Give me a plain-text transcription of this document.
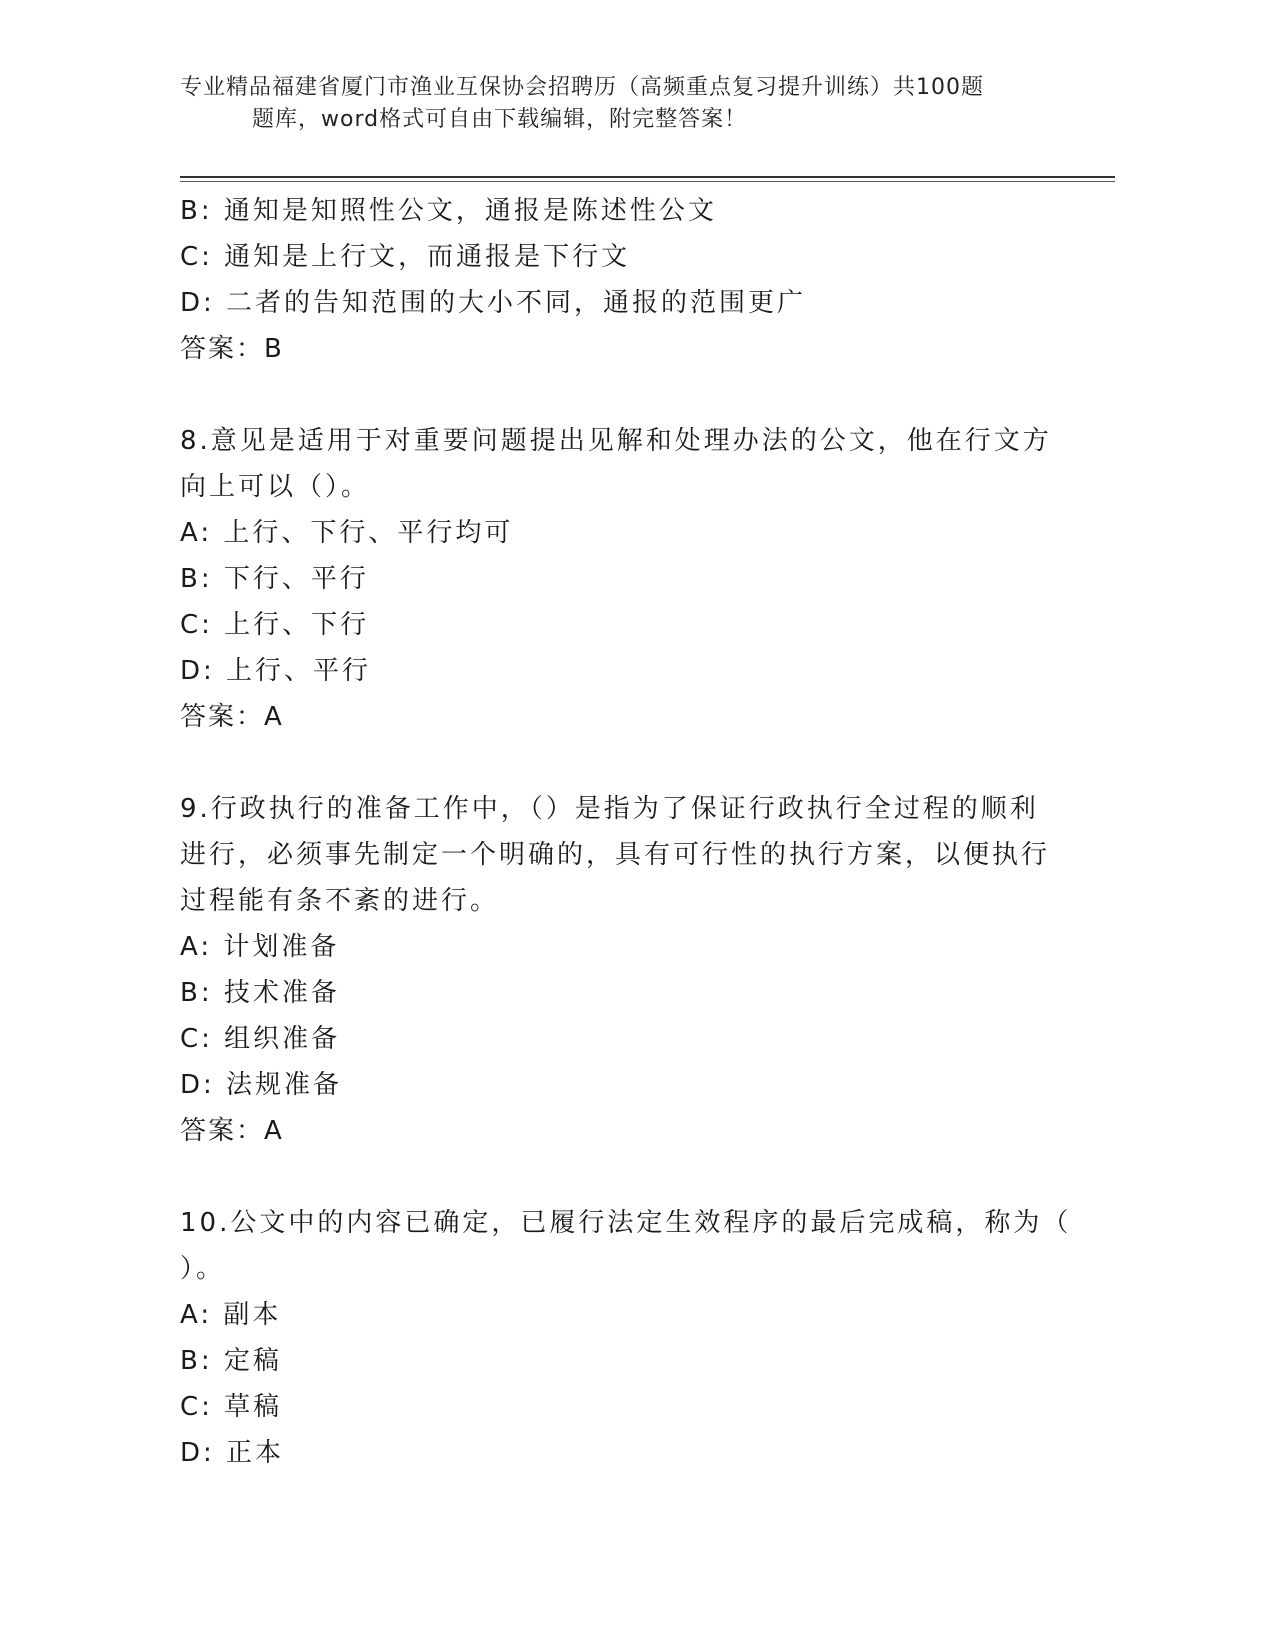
专业精品福建省厦门市渔业互保协会招聘历（高频重点复习提升训练）共100题
题库，word格式可自由下载编辑，附完整答案！
B: 通知是知照性公文，通报是陈述性公文
C: 通知是上行文，而通报是下行文
D: 二者的告知范围的大小不同，通报的范围更广
答案：B
8.意见是适用于对重要问题提出见解和处理办法的公文，他在行文方
向上可以（）。
A: 上行、下行、平行均可
B: 下行、平行
C: 上行、下行
D: 上行、平行
答案：A
9.行政执行的准备工作中，（）是指为了保证行政执行全过程的顺利
进行，必须事先制定一个明确的，具有可行性的执行方案，以便执行
过程能有条不紊的进行。
A: 计划准备
B: 技术准备
C: 组织准备
D: 法规准备
答案：A
10.公文中的内容已确定，已履行法定生效程序的最后完成稿，称为（
）。
A: 副本
B: 定稿
C: 草稿
D: 正本
